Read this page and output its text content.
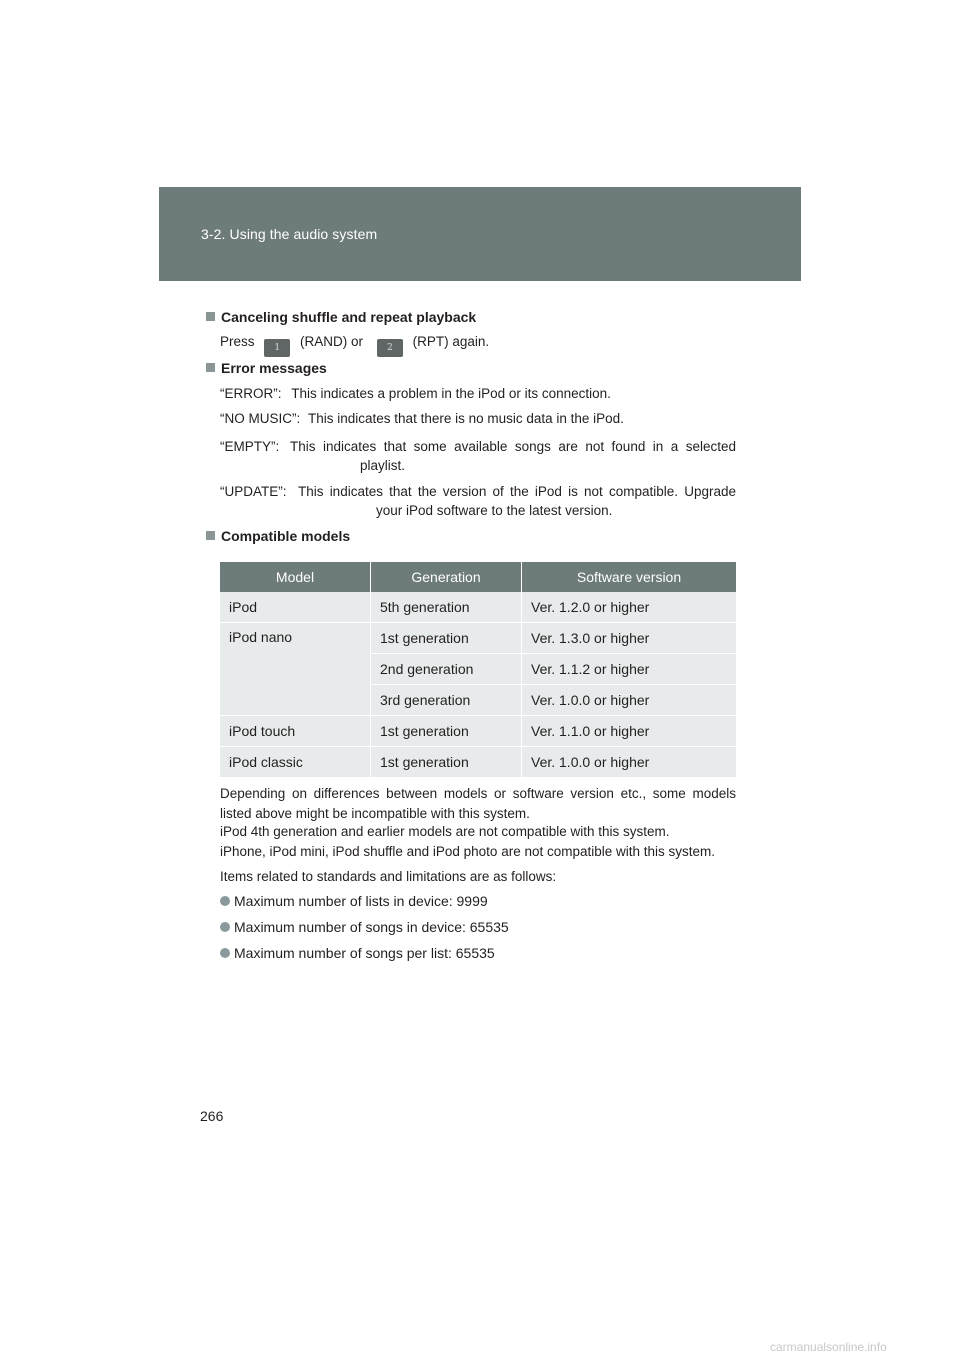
3-2. Using the audio system
Canceling shuffle and repeat playback
Press 1 (RAND) or	2 (RPT) again.
Error messages
“ERROR”: This indicates a problem in the iPod or its connection.
“NO MUSIC”: This indicates that there is no music data in the iPod.
“EMPTY”: This indicates that some available songs are not found in a selected playlist.
“UPDATE”: This indicates that the version of the iPod is not compatible. Upgrade your iPod software to the latest version.
Compatible models
Model	Generation	Software version
iPod	5th generation	Ver. 1.2.0 or higher
iPod nano	1st generation	Ver. 1.3.0 or higher
	2nd generation	Ver. 1.1.2 or higher
	3rd generation	Ver. 1.0.0 or higher
iPod touch	1st generation	Ver. 1.1.0 or higher
iPod classic	1st generation	Ver. 1.0.0 or higher
Depending on differences between models or software version etc., some models listed above might be incompatible with this system.
iPod 4th generation and earlier models are not compatible with this system.
iPhone, iPod mini, iPod shuffle and iPod photo are not compatible with this system.
Items related to standards and limitations are as follows:
Maximum number of lists in device: 9999
Maximum number of songs in device: 65535
Maximum number of songs per list: 65535
266
carmanualsonline.info
